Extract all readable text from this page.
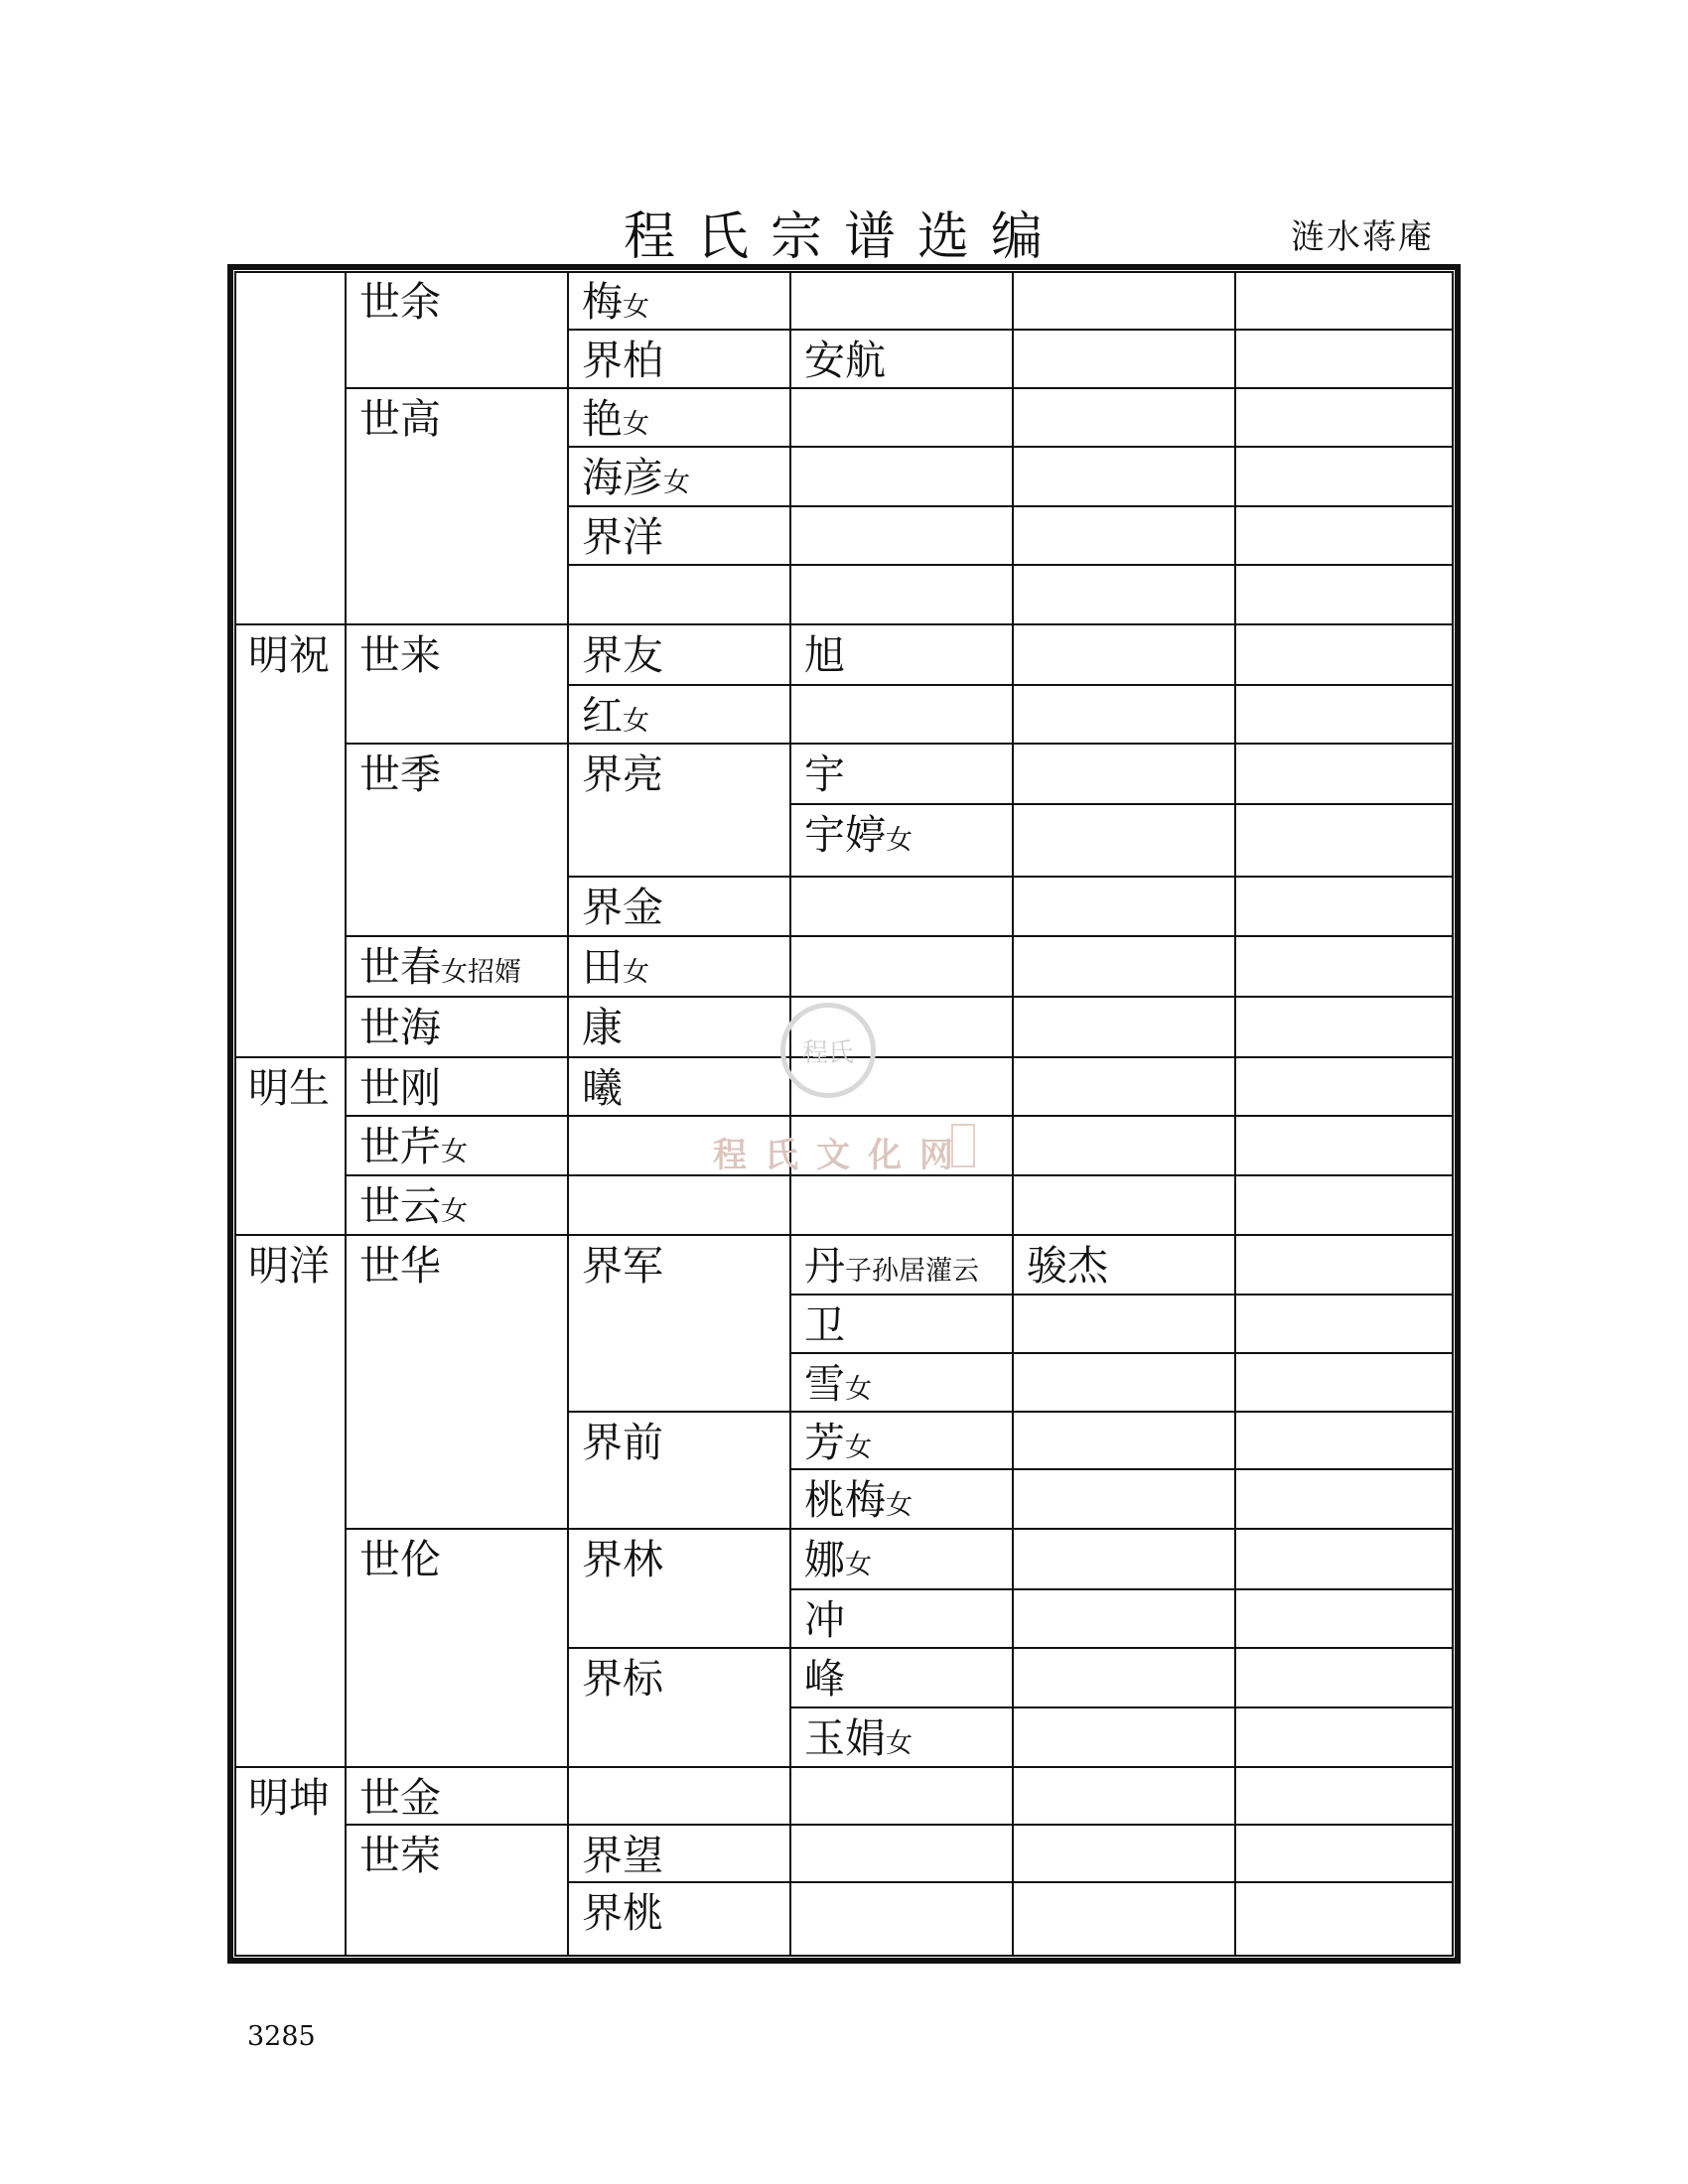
程氏宗谱选编	涟水蒋庵
明祝
明生
明洋
明坤
世余
世高
世来
世季
世春女招婿
世海
世刚
世芹女
世云女
世华
世伦
世金
世荣
梅女
界柏
艳女
海彦女
界洋
界友
红女
界亮
界金
田女
康
曦
界军
界前
界林
界标
界望
界桃
安航
旭
宇
宇婷女
丹子孙居灌云
卫
雪女
芳女
桃梅女
娜女
冲
峰
玉娟女
骏杰
程氏
程氏文化网
3285
